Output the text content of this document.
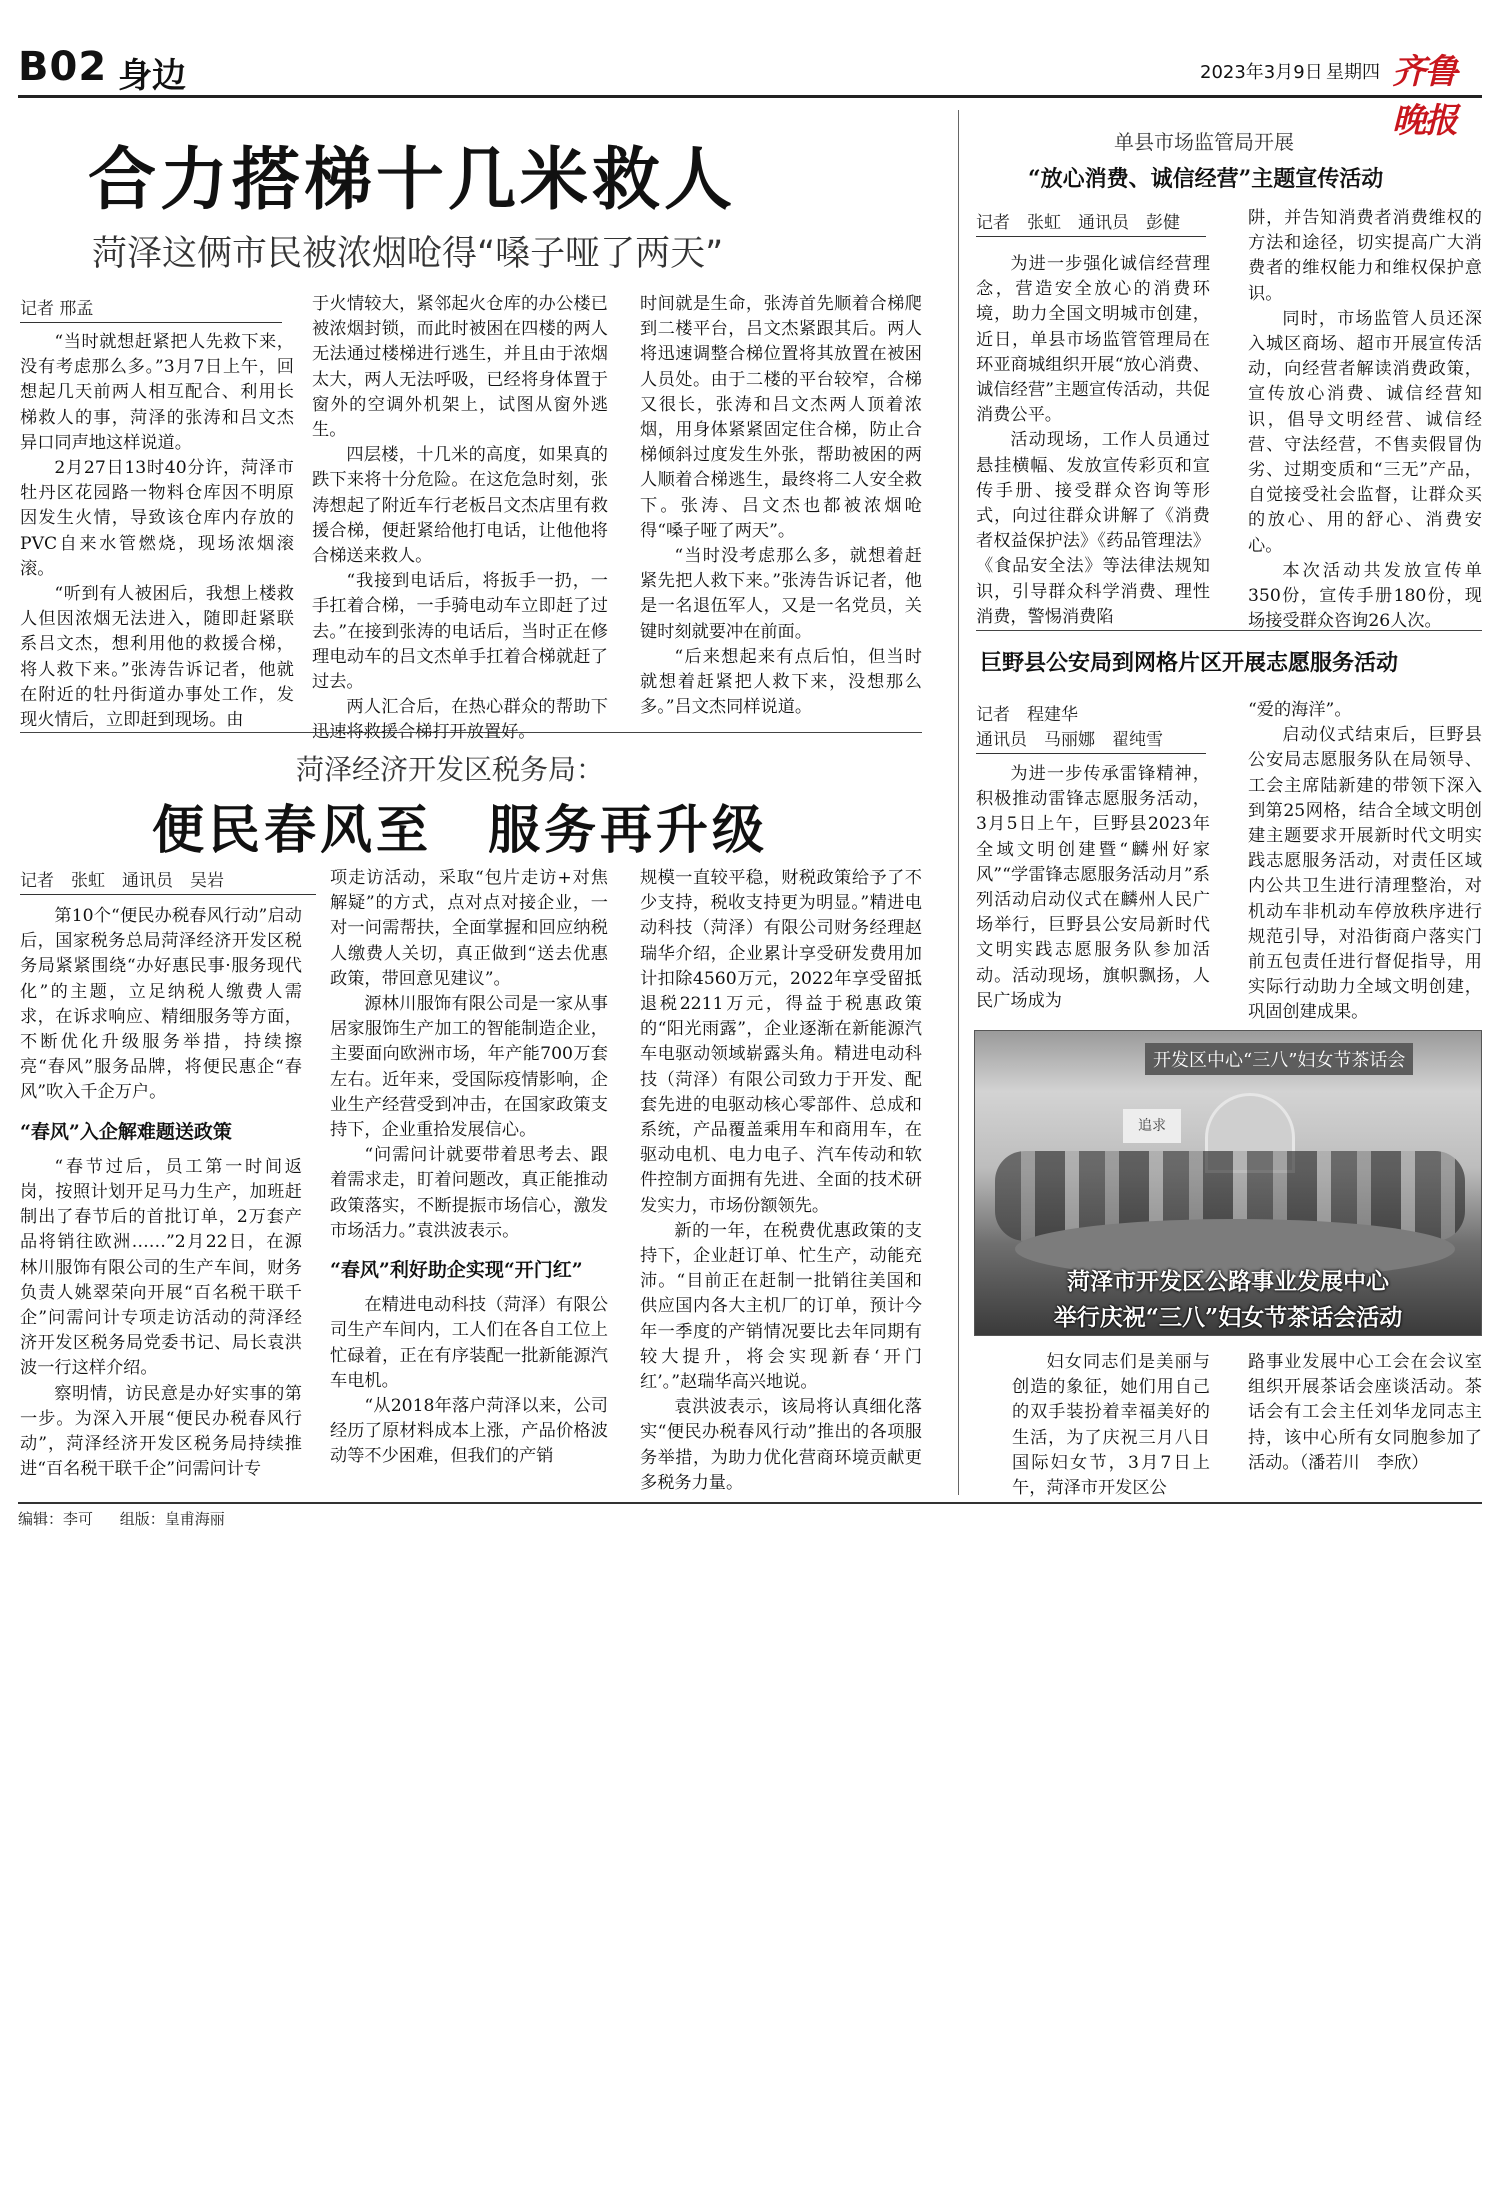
B02 身边	2023年3月9日 星期四 齐鲁晚报
合力搭梯十几米救人
菏泽这俩市民被浓烟呛得“嗓子哑了两天”
记者 邢孟

“当时就想赶紧把人先救下来，没有考虑那么多。”3月7日上午，回想起几天前两人相互配合、利用长梯救人的事，菏泽的张涛和吕文杰异口同声地这样说道。

2月27日13时40分许，菏泽市牡丹区花园路一物料仓库因不明原因发生火情，导致该仓库内存放的PVC自来水管燃烧，现场浓烟滚滚。

“听到有人被困后，我想上楼救人但因浓烟无法进入，随即赶紧联系吕文杰，想利用他的救援合梯，将人救下来。”张涛告诉记者，他就在附近的牡丹街道办事处工作，发现火情后，立即赶到现场。由

于火情较大，紧邻起火仓库的办公楼已被浓烟封锁，而此时被困在四楼的两人无法通过楼梯进行逃生，并且由于浓烟太大，两人无法呼吸，已经将身体置于窗外的空调外机架上，试图从窗外逃生。

四层楼，十几米的高度，如果真的跌下来将十分危险。在这危急时刻，张涛想起了附近车行老板吕文杰店里有救援合梯，便赶紧给他打电话，让他他将合梯送来救人。

“我接到电话后，将扳手一扔，一手扛着合梯，一手骑电动车立即赶了过去。”在接到张涛的电话后，当时正在修理电动车的吕文杰单手扛着合梯就赶了过去。

两人汇合后，在热心群众的帮助下迅速将救援合梯打开放置好。

时间就是生命，张涛首先顺着合梯爬到二楼平台，吕文杰紧跟其后。两人将迅速调整合梯位置将其放置在被困人员处。由于二楼的平台较窄，合梯又很长，张涛和吕文杰两人顶着浓烟，用身体紧紧固定住合梯，防止合梯倾斜过度发生外张，帮助被困的两人顺着合梯逃生，最终将二人安全救下。张涛、吕文杰也都被浓烟呛得“嗓子哑了两天”。

“当时没考虑那么多，就想着赶紧先把人救下来。”张涛告诉记者，他是一名退伍军人，又是一名党员，关键时刻就要冲在前面。

“后来想起来有点后怕，但当时就想着赶紧把人救下来，没想那么多。”吕文杰同样说道。

菏泽经济开发区税务局：
便民春风至　服务再升级
记者　张虹　通讯员　吴岩

第10个“便民办税春风行动”启动后，国家税务总局菏泽经济开发区税务局紧紧围绕“办好惠民事·服务现代化”的主题，立足纳税人缴费人需求，在诉求响应、精细服务等方面，不断优化升级服务举措，持续擦亮“春风”服务品牌，将便民惠企“春风”吹入千企万户。

“春风”入企解难题送政策

“春节过后，员工第一时间返岗，按照计划开足马力生产，加班赶制出了春节后的首批订单，2万套产品将销往欧洲……”2月22日，在源林川服饰有限公司的生产车间，财务负责人姚翠荣向开展“百名税干联千企”问需问计专项走访活动的菏泽经济开发区税务局党委书记、局长袁洪波一行这样介绍。

察明情，访民意是办好实事的第一步。为深入开展“便民办税春风行动”，菏泽经济开发区税务局持续推进“百名税干联千企”问需问计专

项走访活动，采取“包片走访+对焦解疑”的方式，点对点对接企业，一对一问需帮扶，全面掌握和回应纳税人缴费人关切，真正做到“送去优惠政策，带回意见建议”。

源林川服饰有限公司是一家从事居家服饰生产加工的智能制造企业，主要面向欧洲市场，年产能700万套左右。近年来，受国际疫情影响，企业生产经营受到冲击，在国家政策支持下，企业重拾发展信心。

“问需问计就要带着思考去、跟着需求走，盯着问题改，真正能推动政策落实，不断提振市场信心，激发市场活力。”袁洪波表示。

“春风”利好助企实现“开门红”

在精进电动科技（菏泽）有限公司生产车间内，工人们在各自工位上忙碌着，正在有序装配一批新能源汽车电机。

“从2018年落户菏泽以来，公司经历了原材料成本上涨，产品价格波动等不少困难，但我们的产销

规模一直较平稳，财税政策给予了不少支持，税收支持更为明显。”精进电动科技（菏泽）有限公司财务经理赵瑞华介绍，企业累计享受研发费用加计扣除4560万元，2022年享受留抵退税2211万元，得益于税惠政策的“阳光雨露”，企业逐渐在新能源汽车电驱动领域崭露头角。精进电动科技（菏泽）有限公司致力于开发、配套先进的电驱动核心零部件、总成和系统，产品覆盖乘用车和商用车，在驱动电机、电力电子、汽车传动和软件控制方面拥有先进、全面的技术研发实力，市场份额领先。

新的一年，在税费优惠政策的支持下，企业赶订单、忙生产，动能充沛。“目前正在赶制一批销往美国和供应国内各大主机厂的订单，预计今年一季度的产销情况要比去年同期有较大提升，将会实现新春‘开门红’。”赵瑞华高兴地说。

袁洪波表示，该局将认真细化落实“便民办税春风行动”推出的各项服务举措，为助力优化营商环境贡献更多税务力量。

单县市场监管局开展
“放心消费、诚信经营”主题宣传活动
记者　张虹　通讯员　彭健

为进一步强化诚信经营理念，营造安全放心的消费环境，助力全国文明城市创建，近日，单县市场监管管理局在环亚商城组织开展“放心消费、诚信经营”主题宣传活动，共促消费公平。

活动现场，工作人员通过悬挂横幅、发放宣传彩页和宣传手册、接受群众咨询等形式，向过往群众讲解了《消费者权益保护法》《药品管理法》《食品安全法》等法律法规知识，引导群众科学消费、理性消费，警惕消费陷

阱，并告知消费者消费维权的方法和途径，切实提高广大消费者的维权能力和维权保护意识。

同时，市场监管人员还深入城区商场、超市开展宣传活动，向经营者解读消费政策，宣传放心消费、诚信经营知识，倡导文明经营、诚信经营、守法经营，不售卖假冒伪劣、过期变质和“三无”产品，自觉接受社会监督，让群众买的放心、用的舒心、消费安心。

本次活动共发放宣传单350份，宣传手册180份，现场接受群众咨询26人次。

巨野县公安局到网格片区开展志愿服务活动
记者　程建华
通讯员　马丽娜　翟纯雪

为进一步传承雷锋精神，积极推动雷锋志愿服务活动，3月5日上午，巨野县2023年全域文明创建暨“麟州好家风”“学雷锋志愿服务活动月”系列活动启动仪式在麟州人民广场举行，巨野县公安局新时代文明实践志愿服务队参加活动。活动现场，旗帜飘扬，人民广场成为

“爱的海洋”。

启动仪式结束后，巨野县公安局志愿服务队在局领导、工会主席陆新建的带领下深入到第25网格，结合全域文明创建主题要求开展新时代文明实践志愿服务活动，对责任区域内公共卫生进行清理整治，对机动车非机动车停放秩序进行规范引导，对沿街商户落实门前五包责任进行督促指导，用实际行动助力全域文明创建，巩固创建成果。

开发区中心“三八”妇女节茶话会
追求
菏泽市开发区公路事业发展中心
举行庆祝“三八”妇女节茶话会活动

妇女同志们是美丽与创造的象征，她们用自己的双手装扮着幸福美好的生活，为了庆祝三月八日国际妇女节，3月7日上午，菏泽市开发区公

路事业发展中心工会在会议室组织开展茶话会座谈活动。茶话会有工会主任刘华龙同志主持，该中心所有女同胞参加了活动。（潘若川　李欣）

编辑：李可 组版：皇甫海丽
